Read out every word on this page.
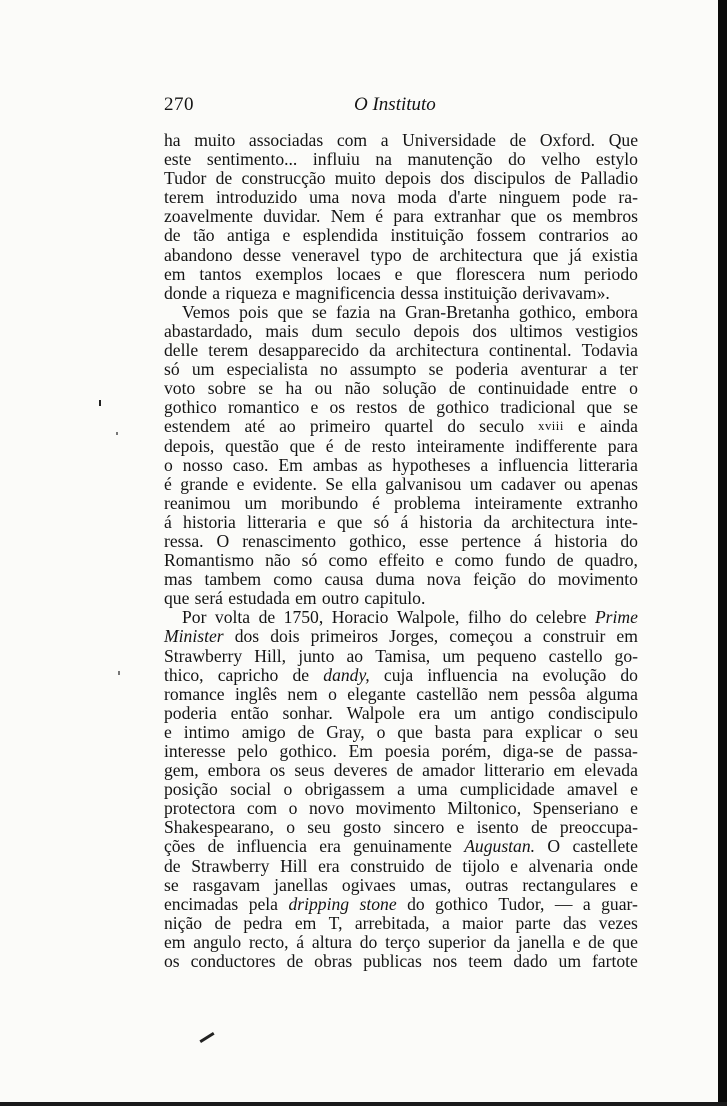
270	O Instituto
ha muito associadas com a Universidade de Oxford. Que
este sentimento... influiu na manutenção do velho estylo
Tudor de construcção muito depois dos discipulos de Palladio
terem introduzido uma nova moda d'arte ninguem pode ra-
zoavelmente duvidar. Nem é para extranhar que os membros
de tão antiga e esplendida instituição fossem contrarios ao
abandono desse veneravel typo de architectura que já existia
em tantos exemplos locaes e que florescera num periodo
donde a riqueza e magnificencia dessa instituição derivavam».
Vemos pois que se fazia na Gran-Bretanha gothico, embora
abastardado, mais dum seculo depois dos ultimos vestigios
delle terem desapparecido da architectura continental. Todavia
só um especialista no assumpto se poderia aventurar a ter
voto sobre se ha ou não solução de continuidade entre o
gothico romantico e os restos de gothico tradicional que se
estendem até ao primeiro quartel do seculo xviii e ainda
depois, questão que é de resto inteiramente indifferente para
o nosso caso. Em ambas as hypotheses a influencia litteraria
é grande e evidente. Se ella galvanisou um cadaver ou apenas
reanimou um moribundo é problema inteiramente extranho
á historia litteraria e que só á historia da architectura inte-
ressa. O renascimento gothico, esse pertence á historia do
Romantismo não só como effeito e como fundo de quadro,
mas tambem como causa duma nova feição do movimento
que será estudada em outro capitulo.
Por volta de 1750, Horacio Walpole, filho do celebre Prime
Minister dos dois primeiros Jorges, começou a construir em
Strawberry Hill, junto ao Tamisa, um pequeno castello go-
thico, capricho de dandy, cuja influencia na evolução do
romance inglês nem o elegante castellão nem pessôa alguma
poderia então sonhar. Walpole era um antigo condiscipulo
e intimo amigo de Gray, o que basta para explicar o seu
interesse pelo gothico. Em poesia porém, diga-se de passa-
gem, embora os seus deveres de amador litterario em elevada
posição social o obrigassem a uma cumplicidade amavel e
protectora com o novo movimento Miltonico, Spenseriano e
Shakespearano, o seu gosto sincero e isento de preoccupa-
ções de influencia era genuinamente Augustan. O castellete
de Strawberry Hill era construido de tijolo e alvenaria onde
se rasgavam janellas ogivaes umas, outras rectangulares e
encimadas pela dripping stone do gothico Tudor, — a guar-
nição de pedra em T, arrebitada, a maior parte das vezes
em angulo recto, á altura do terço superior da janella e de que
os conductores de obras publicas nos teem dado um fartote
